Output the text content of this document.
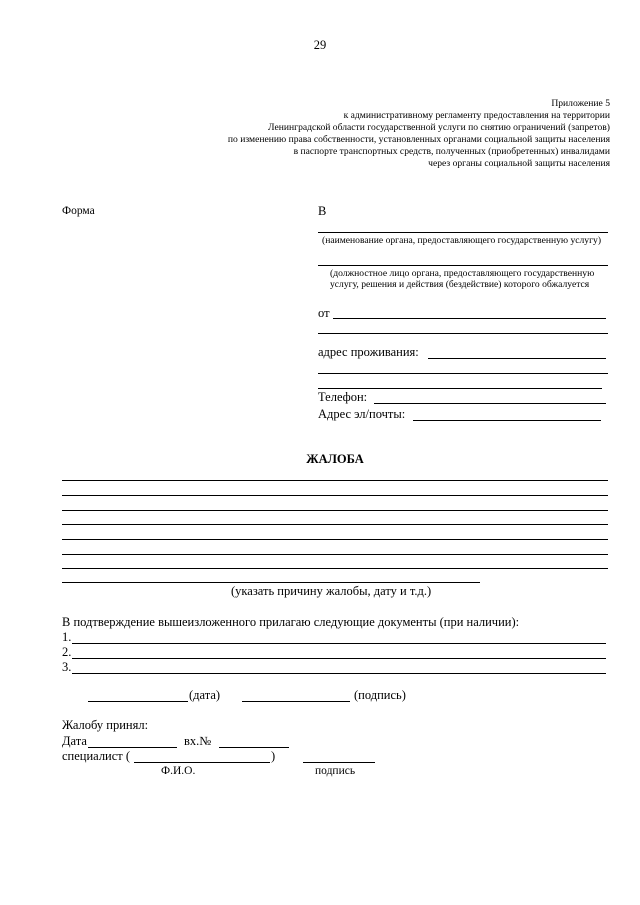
29
Приложение 5
к административному регламенту предоставления на территории
Ленинградской области государственной услуги по снятию ограничений (запретов)
по изменению права собственности, установленных органами социальной защиты населения
в паспорте транспортных средств, полученных (приобретенных) инвалидами
через органы социальной защиты населения
Форма	В
(наименование органа, предоставляющего государственную услугу)
(должностное лицо органа, предоставляющего государственную
услугу, решения и действия (бездействие) которого обжалуется
от
адрес проживания:
Телефон:
Адрес эл/почты:
ЖАЛОБА
(указать причину жалобы, дату и т.д.)
В подтверждение вышеизложенного прилагаю следующие документы (при наличии):
1.
2.
3.
(дата)	(подпись)
Жалобу принял:
Дата	вх.№
специалист (	)
Ф.И.О.	подпись
